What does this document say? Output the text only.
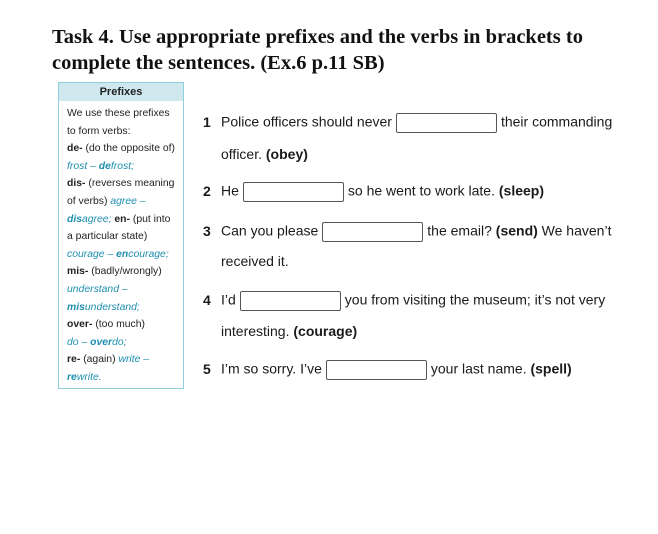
Task 4. Use appropriate prefixes and the verbs in brackets to
complete the sentences. (Ex.6 p.11 SB)
Prefixes
We use these prefixes to form verbs:
de- (do the opposite of) frost – defrost;
dis- (reverses meaning of verbs) agree – disagree; en- (put into a particular state)
courage – encourage;
mis- (badly/wrongly)
understand – misunderstand;
over- (too much)
do – overdo;
re- (again) write – rewrite.
1 Police officers should never	their commanding
officer. (obey)
2 He	so he went to work late. (sleep)
3 Can you please	the email? (send) We haven’t
received it.
4 I’d	you from visiting the museum; it’s not very
interesting. (courage)
5 I’m so sorry. I’ve	your last name. (spell)
